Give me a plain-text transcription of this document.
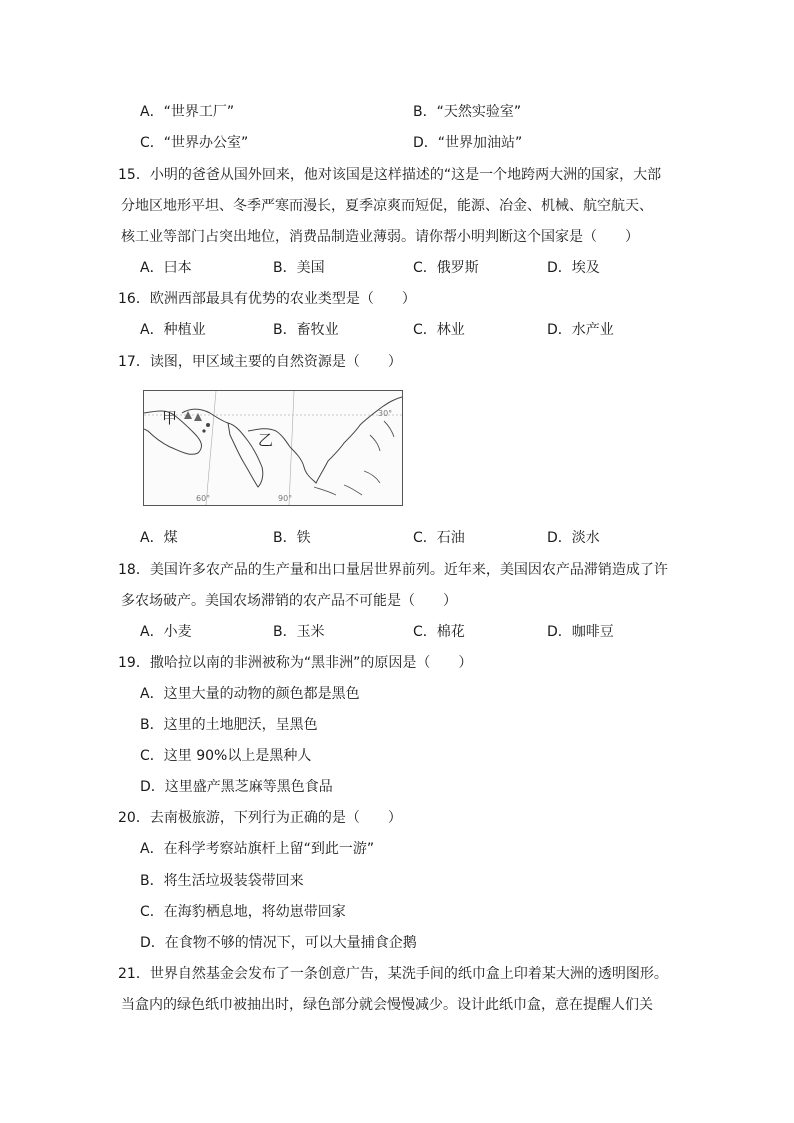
A．“世界工厂”	B．“天然实验室”
C．“世界办公室”	D．“世界加油站”
15．小明的爸爸从国外回来，他对该国是这样描述的“这是一个地跨两大洲的国家，大部
分地区地形平坦、冬季严寒而漫长，夏季凉爽而短促，能源、冶金、机械、航空航天、
核工业等部门占突出地位，消费品制造业薄弱。请你帮小明判断这个国家是（　　）
A．曰本	B．美国	C．俄罗斯	D．埃及
16．欧洲西部最具有优势的农业类型是（　　）
A．种植业	B．畜牧业	C．林业	D．水产业
17．读图，甲区域主要的自然资源是（　　）
甲
乙
30°
60°	90°
A．煤	B．铁	C．石油	D．淡水
18．美国许多农产品的生产量和出口量居世界前列。近年来，美国因农产品滞销造成了许
多农场破产。美国农场滞销的农产品不可能是（　　）
A．小麦	B．玉米	C．棉花	D．咖啡豆
19．撒哈拉以南的非洲被称为“黑非洲”的原因是（　　）
A．这里大量的动物的颜色都是黑色
B．这里的土地肥沃，呈黑色
C．这里 90%以上是黑种人
D．这里盛产黑芝麻等黑色食品
20．去南极旅游，下列行为正确的是（　　）
A．在科学考察站旗杆上留“到此一游”
B．将生活垃圾装袋带回来
C．在海豹栖息地，将幼崽带回家
D．在食物不够的情况下，可以大量捕食企鹅
21．世界自然基金会发布了一条创意广告，某洗手间的纸巾盒上印着某大洲的透明图形。
当盒内的绿色纸巾被抽出时，绿色部分就会慢慢减少。设计此纸巾盒，意在提醒人们关
